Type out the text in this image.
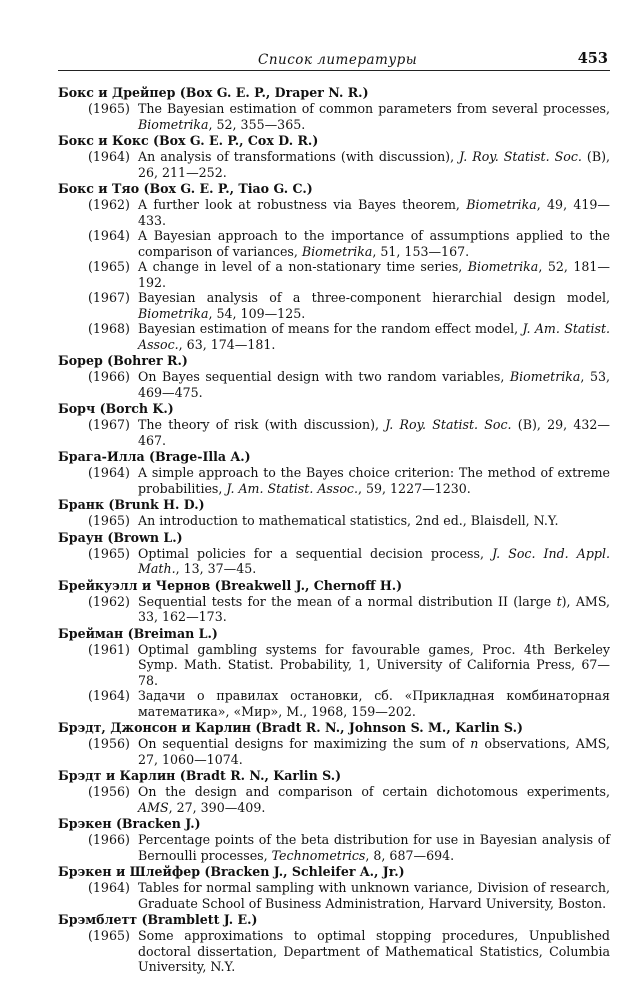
Список литературы	453

Бокс и Дрейпер (Box G. E. P., Draper N. R.)

(1965) The Bayesian estimation of common parameters from several processes, Biometrika, 52, 355—365.

Бокс и Кокс (Box G. E. P., Cox D. R.)

(1964) An analysis of transformations (with discussion), J. Roy. Statist. Soc. (B), 26, 211—252.

Бокс и Тяо (Box G. E. P., Tiao G. C.)

(1962) A further look at robustness via Bayes theorem, Biometrika, 49, 419—433.
(1964) A Bayesian approach to the importance of assumptions applied to the comparison of variances, Biometrika, 51, 153—167.
(1965) A change in level of a non-stationary time series, Biometrika, 52, 181—192.
(1967) Bayesian analysis of a three-component hierarchial design model, Biometrika, 54, 109—125.
(1968) Bayesian estimation of means for the random effect model, J. Am. Statist. Assoc., 63, 174—181.

Борер (Bohrer R.)

(1966) On Bayes sequential design with two random variables, Biometrika, 53, 469—475.

Борч (Borch K.)

(1967) The theory of risk (with discussion), J. Roy. Statist. Soc. (B), 29, 432—467.

Брага-Илла (Brage-Illa A.)

(1964) A simple approach to the Bayes choice criterion: The method of extreme probabilities, J. Am. Statist. Assoc., 59, 1227—1230.

Бранк (Brunk H. D.)

(1965) An introduction to mathematical statistics, 2nd ed., Blaisdell, N.Y.

Браун (Brown L.)

(1965) Optimal policies for a sequential decision process, J. Soc. Ind. Appl. Math., 13, 37—45.

Брейкуэлл и Чернов (Breakwell J., Chernoff H.)

(1962) Sequential tests for the mean of a normal distribution II (large t), AMS, 33, 162—173.

Брейман (Breiman L.)

(1961) Optimal gambling systems for favourable games, Proc. 4th Berkeley Symp. Math. Statist. Probability, 1, University of California Press, 67—78.
(1964) Задачи о правилах остановки, сб. «Прикладная комбинаторная математика», «Мир», М., 1968, 159—202.

Брэдт, Джонсон и Карлин (Bradt R. N., Johnson S. M., Karlin S.)

(1956) On sequential designs for maximizing the sum of n observations, AMS, 27, 1060—1074.

Брэдт и Карлин (Bradt R. N., Karlin S.)

(1956) On the design and comparison of certain dichotomous experiments, AMS, 27, 390—409.

Брэкен (Bracken J.)

(1966) Percentage points of the beta distribution for use in Bayesian analysis of Bernoulli processes, Technometrics, 8, 687—694.

Брэкен и Шлейфер (Bracken J., Schleifer A., Jr.)

(1964) Tables for normal sampling with unknown variance, Division of research, Graduate School of Business Administration, Harvard University, Boston.

Брэмблетт (Bramblett J. E.)

(1965) Some approximations to optimal stopping procedures, Unpublished doctoral dissertation, Department of Mathematical Statistics, Columbia University, N.Y.
